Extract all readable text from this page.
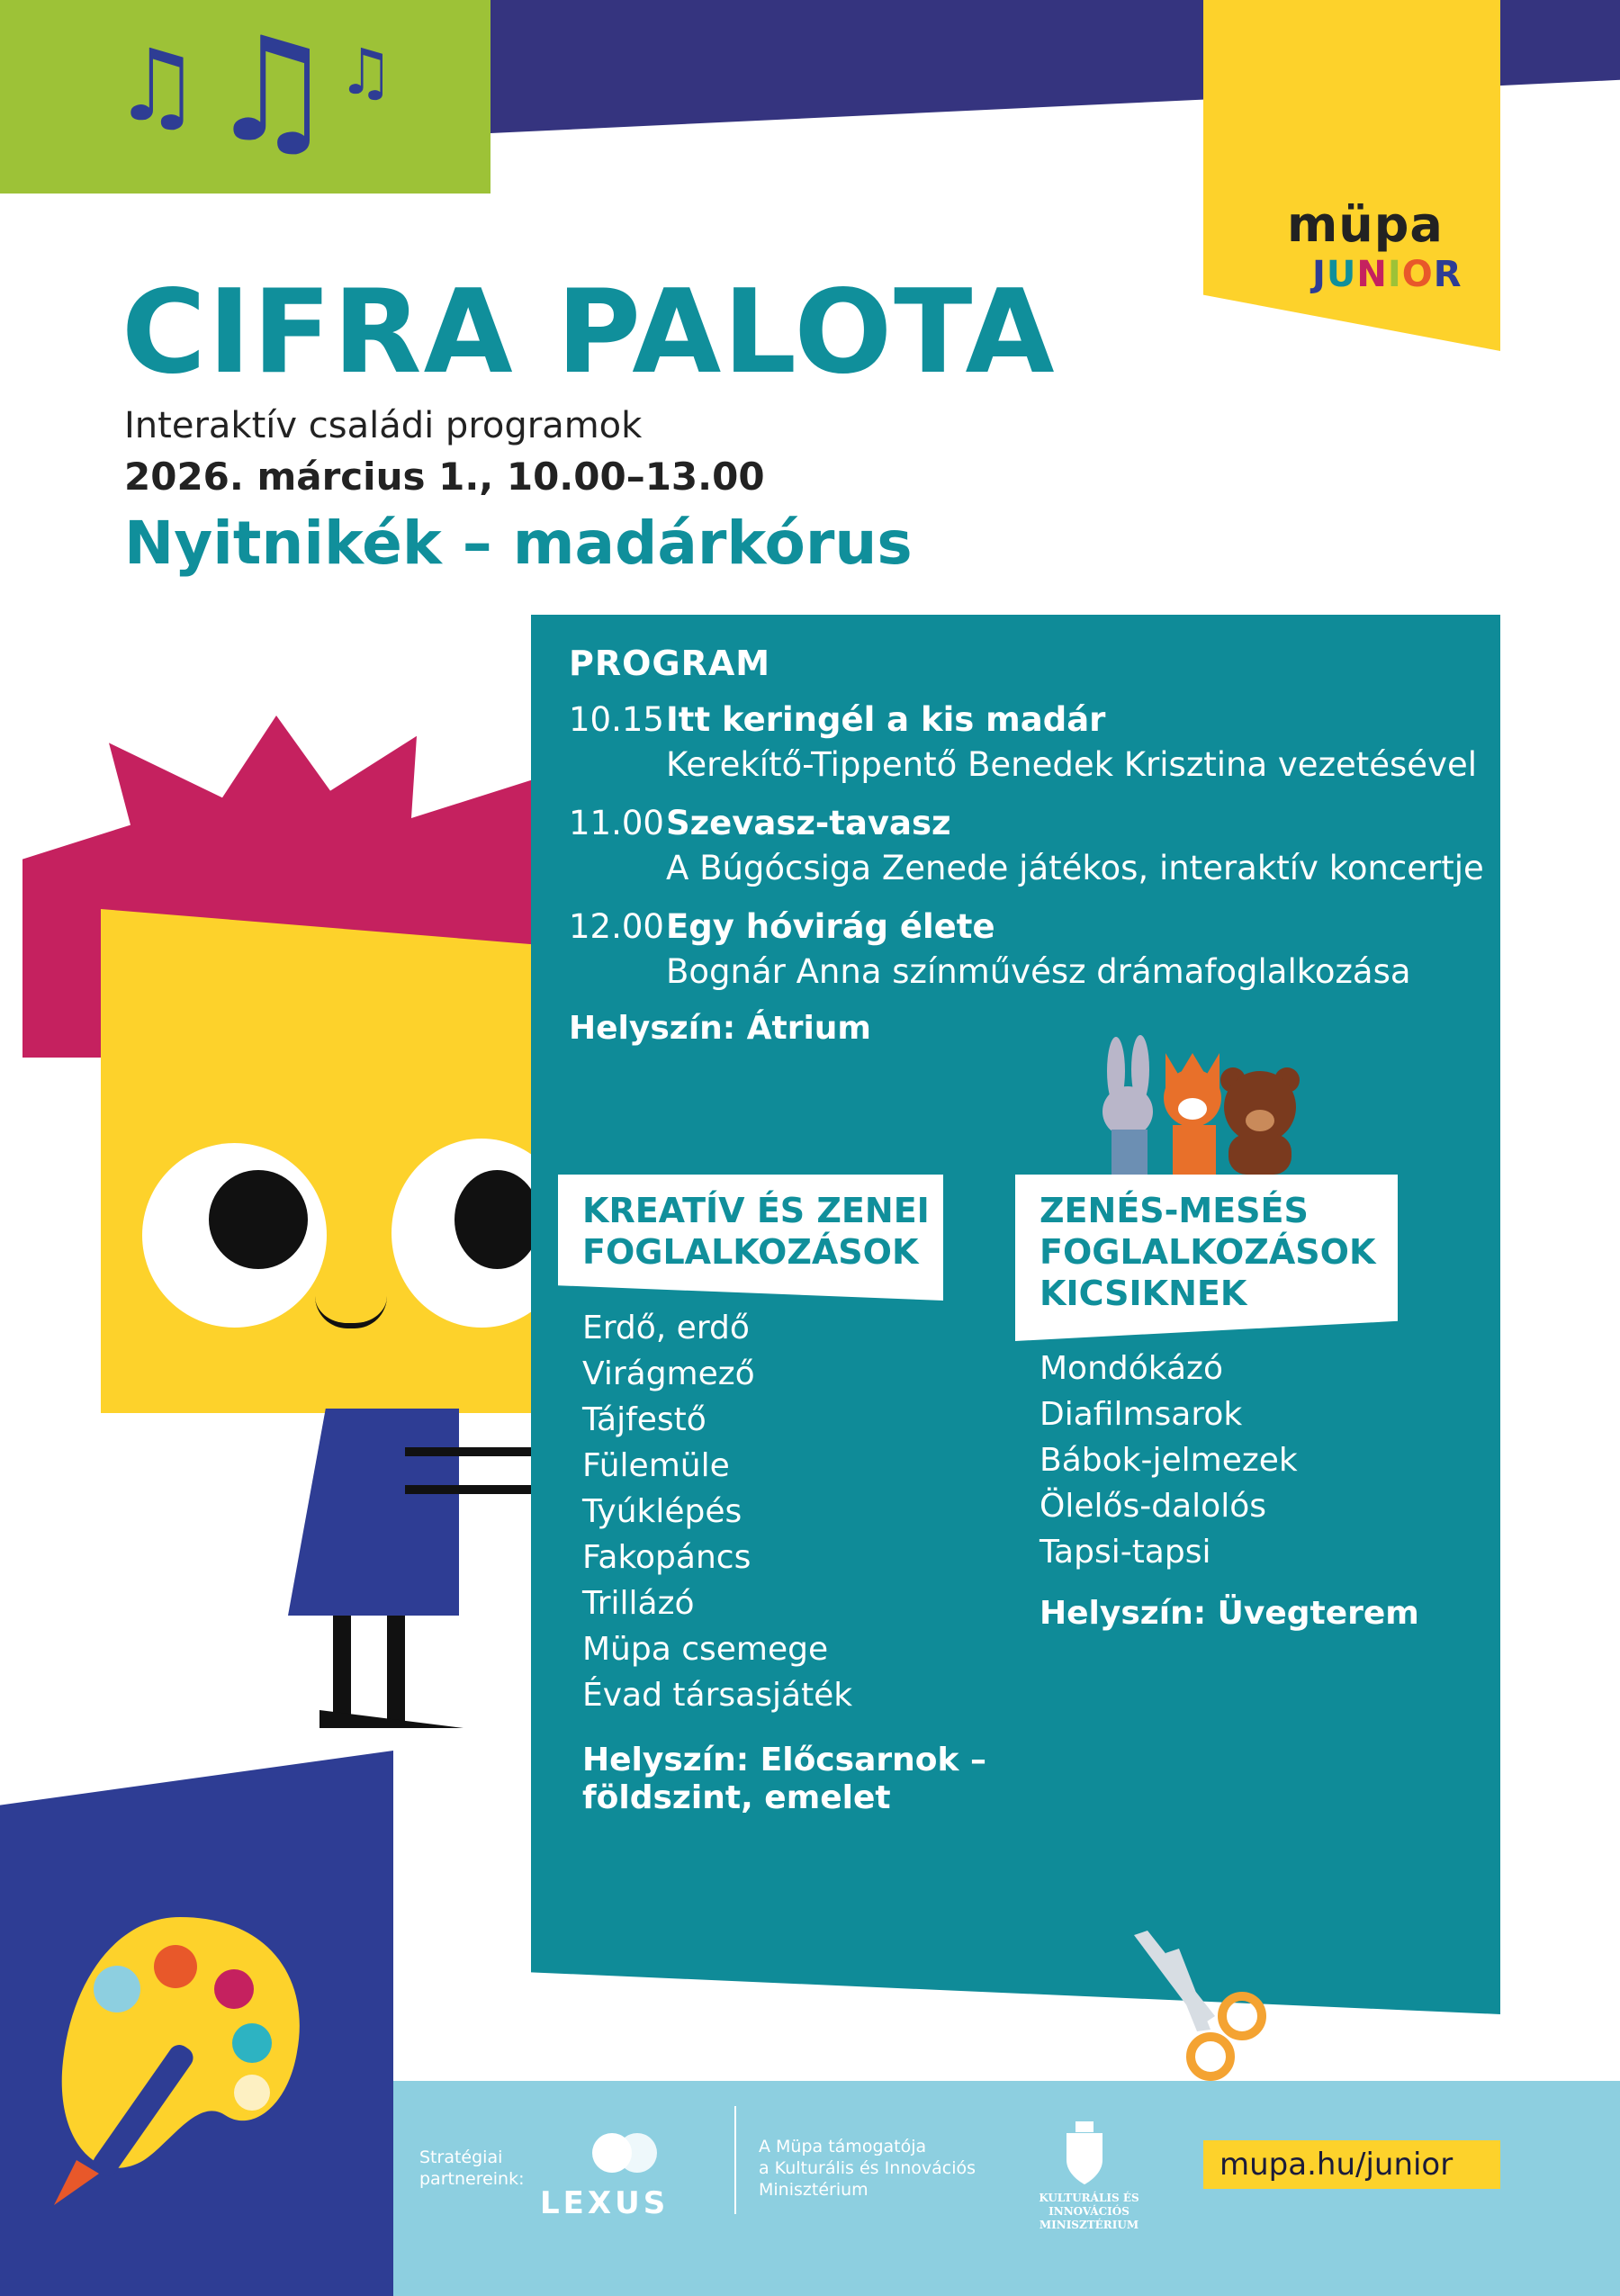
♫ ♫ ♫
müpa
JUNIOR
CIFRA PALOTA
Interaktív családi programok
2026. március 1., 10.00–13.00
Nyitnikék – madárkórus
PROGRAM
10.15 Itt keringél a kis madár
Kerekítő-Tippentő Benedek Krisztina vezetésével
11.00 Szevasz-tavasz
A Búgócsiga Zenede játékos, interaktív koncertje
12.00 Egy hóvirág élete
Bognár Anna színművész drámafoglalkozása
Helyszín: Átrium
KREATÍV ÉS ZENEI
FOGLALKOZÁSOK
Erdő, erdő
Virágmező
Tájfestő
Fülemüle
Tyúklépés
Fakopáncs
Trillázó
Müpa csemege
Évad társasjáték
Helyszín: Előcsarnok –
földszint, emelet
ZENÉS-MESÉS
FOGLALKOZÁSOK
KICSIKNEK
Mondókázó
Diafilmsarok
Bábok-jelmezek
Ölelős-dalolós
Tapsi-tapsi
Helyszín: Üvegterem
Stratégiai
partnereink:
LEXUS
A Müpa támogatója
a Kulturális és Innovációs
Minisztérium	KULTURÁLIS ÉS INNOVÁCIÓS
MINISZTÉRIUM
mupa.hu/junior
